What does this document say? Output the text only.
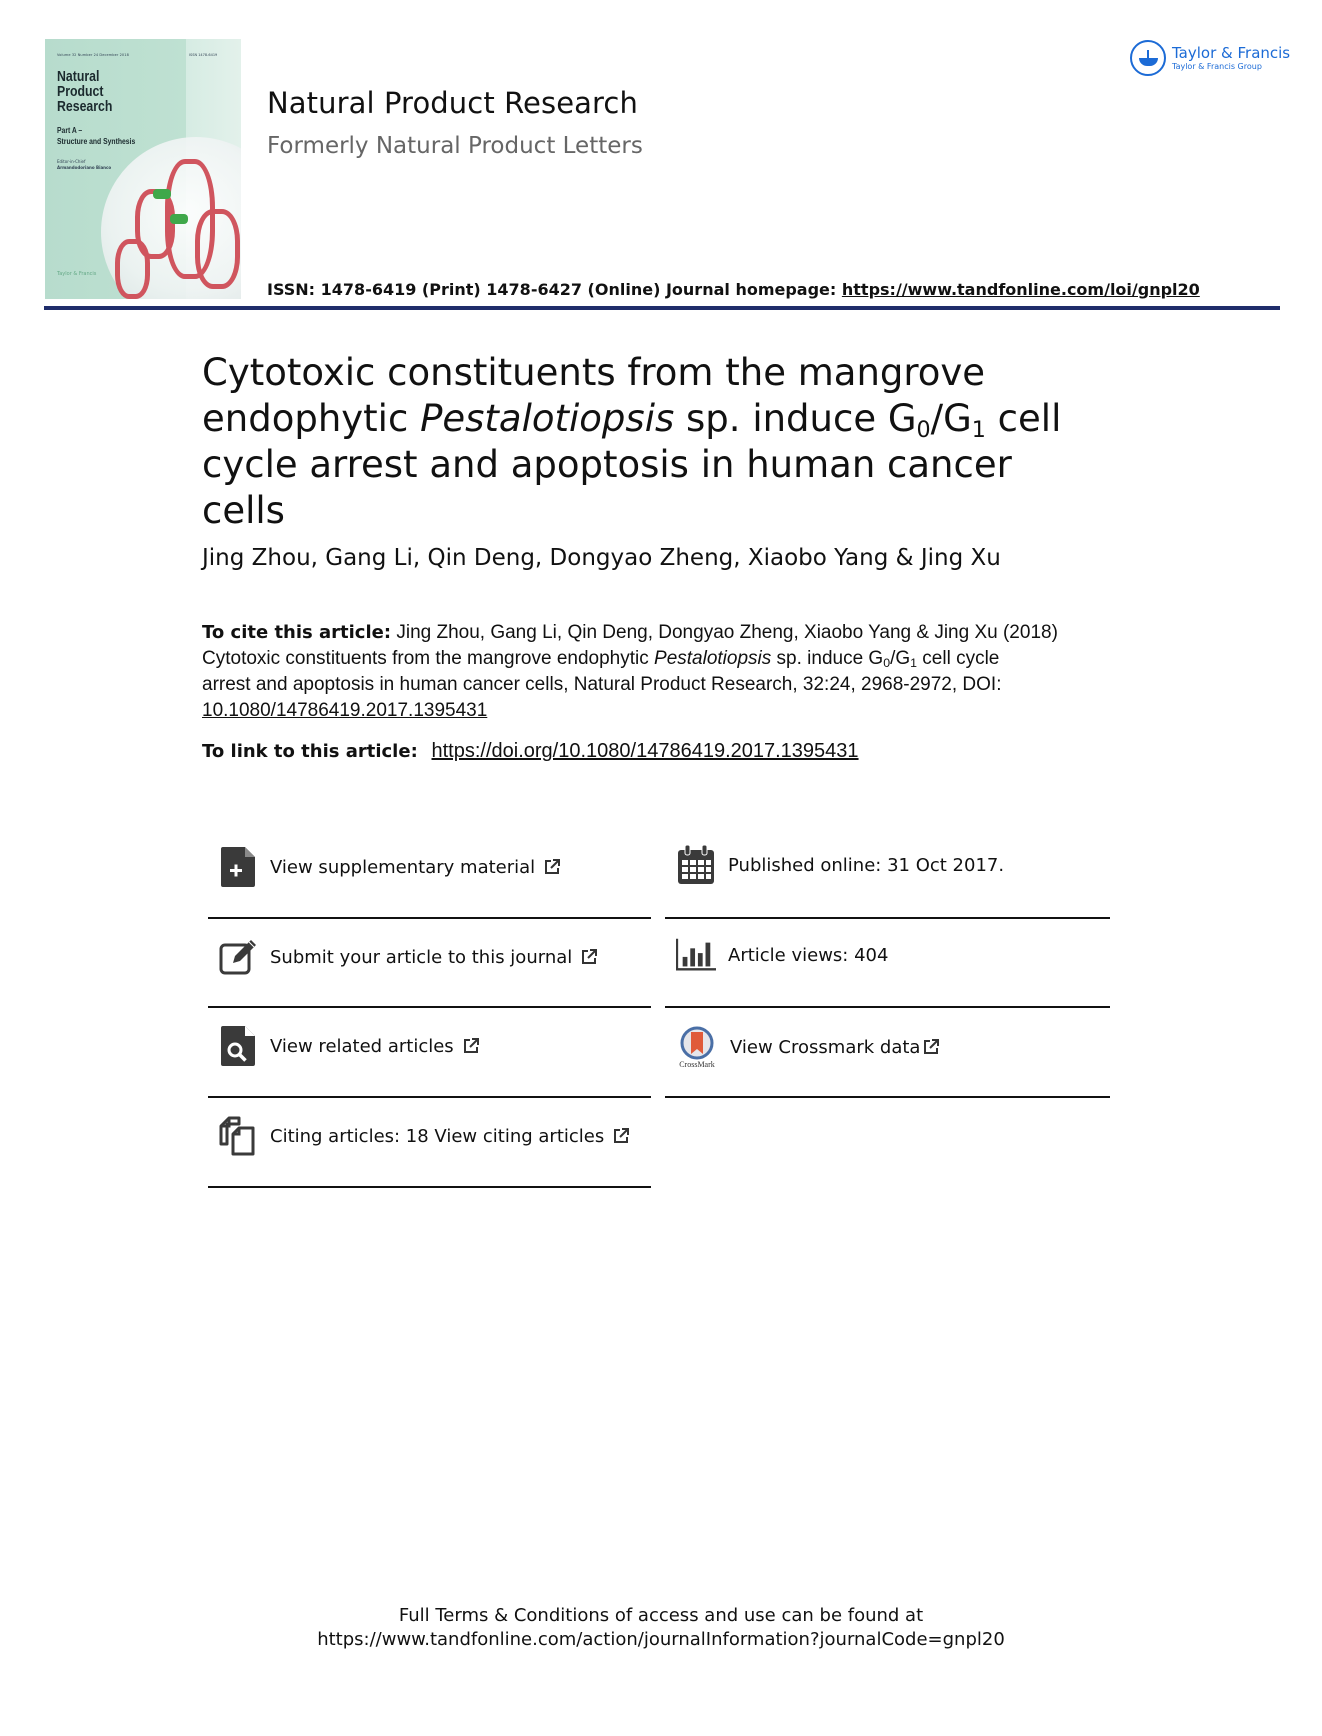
Volume 32 Number 24 December 2018	ISSN 1478-6419
Natural
Product
Research
Part A –
Structure and Synthesis
Editor-in-Chief
Armandodoriano Bianco
Taylor & Francis
Natural Product Research
Formerly Natural Product Letters
ISSN: 1478-6419 (Print) 1478-6427 (Online) Journal homepage: https://www.tandfonline.com/loi/gnpl20
Taylor & Francis
Taylor & Francis Group
Cytotoxic constituents from the mangrove
endophytic Pestalotiopsis sp. induce $G_0/G_1$ cell
cycle arrest and apoptosis in human cancer cells
Jing Zhou, Gang Li, Qin Deng, Dongyao Zheng, Xiaobo Yang & Jing Xu
To cite this article: Jing Zhou, Gang Li, Qin Deng, Dongyao Zheng, Xiaobo Yang & Jing Xu (2018)
Cytotoxic constituents from the mangrove endophytic Pestalotiopsis sp. induce $G_0/G_1$ cell cycle
arrest and apoptosis in human cancer cells, Natural Product Research, 32:24, 2968-2972, DOI:
10.1080/14786419.2017.1395431
To link to this article: https://doi.org/10.1080/14786419.2017.1395431
View supplementary material
Submit your article to this journal
View related articles
Citing articles: 18 View citing articles
Published online: 31 Oct 2017.
Article views: 404
CrossMark
View Crossmark data
Full Terms & Conditions of access and use can be found at
https://www.tandfonline.com/action/journalInformation?journalCode=gnpl20
